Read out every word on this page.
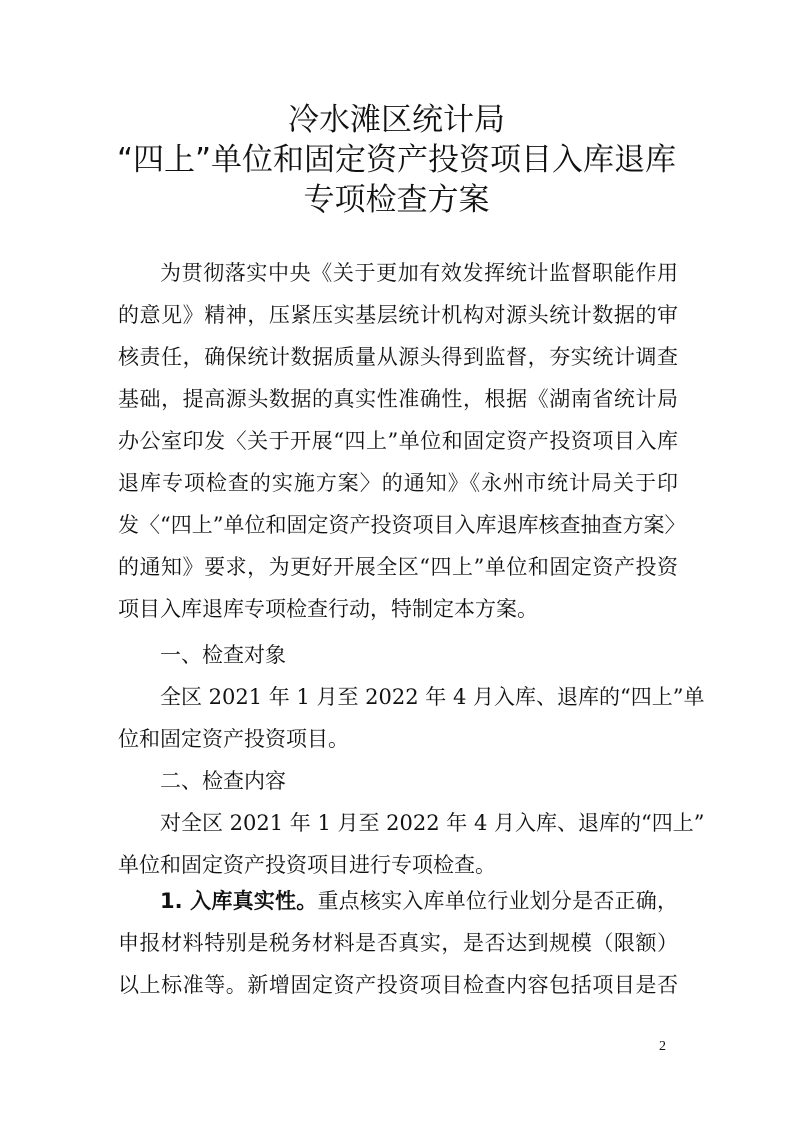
冷水滩区统计局
“四上”单位和固定资产投资项目入库退库
专项检查方案
为贯彻落实中央《关于更加有效发挥统计监督职能作用
的意见》精神，压紧压实基层统计机构对源头统计数据的审
核责任，确保统计数据质量从源头得到监督，夯实统计调查
基础，提高源头数据的真实性准确性，根据《湖南省统计局
办公室印发〈关于开展“四上”单位和固定资产投资项目入库
退库专项检查的实施方案〉的通知》《永州市统计局关于印
发〈“四上”单位和固定资产投资项目入库退库核查抽查方案〉
的通知》要求，为更好开展全区“四上”单位和固定资产投资
项目入库退库专项检查行动，特制定本方案。
一、检查对象
全区 2021 年 1 月至 2022 年 4 月入库、退库的“四上”单
位和固定资产投资项目。
二、检查内容
对全区 2021 年 1 月至 2022 年 4 月入库、退库的“四上”
单位和固定资产投资项目进行专项检查。
1. 入库真实性。重点核实入库单位行业划分是否正确，
申报材料特别是税务材料是否真实，是否达到规模（限额）
以上标准等。新增固定资产投资项目检查内容包括项目是否
2
